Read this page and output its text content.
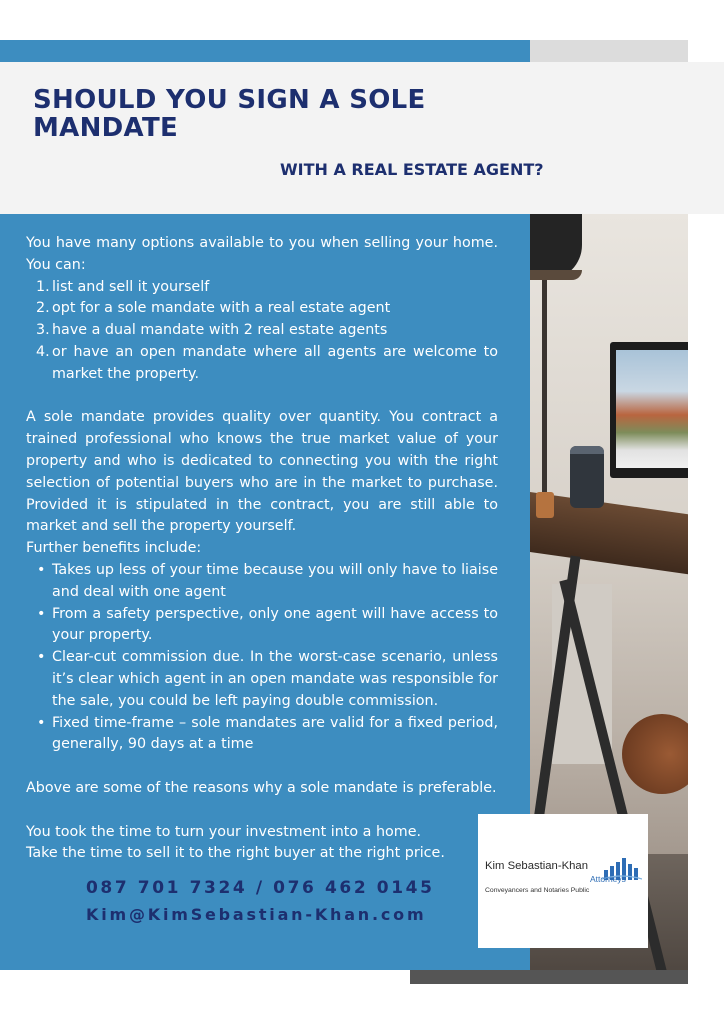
SHOULD YOU SIGN A SOLE MANDATE
WITH A REAL ESTATE AGENT?

You have many options available to you when selling your home. You can:

1. list and sell it yourself
2. opt for a sole mandate with a real estate agent
3. have a dual mandate with 2 real estate agents
4. or have an open mandate where all agents are welcome to market the property.

A sole mandate provides quality over quantity. You contract a trained professional who knows the true market value of your property and who is dedicated to connecting you with the right selection of potential buyers who are in the market to purchase. Provided it is stipulated in the contract, you are still able to market and sell the property yourself.

Further benefits include:

• Takes up less of your time because you will only have to liaise and deal with one agent
• From a safety perspective, only one agent will have access to your property.
• Clear-cut commission due. In the worst-case scenario, unless it’s clear which agent in an open mandate was responsible for the sale, you could be left paying double commission.
• Fixed time-frame – sole mandates are valid for a fixed period, generally, 90 days at a time

Above are some of the reasons why a sole mandate is preferable.

You took the time to turn your investment into a home.

Take the time to sell it to the right buyer at the right price.

087 701 7324 / 076 462 0145

Kim@KimSebastian-Khan.com

Kim Sebastian-Khan

Attorneys

Conveyancers and Notaries Public
